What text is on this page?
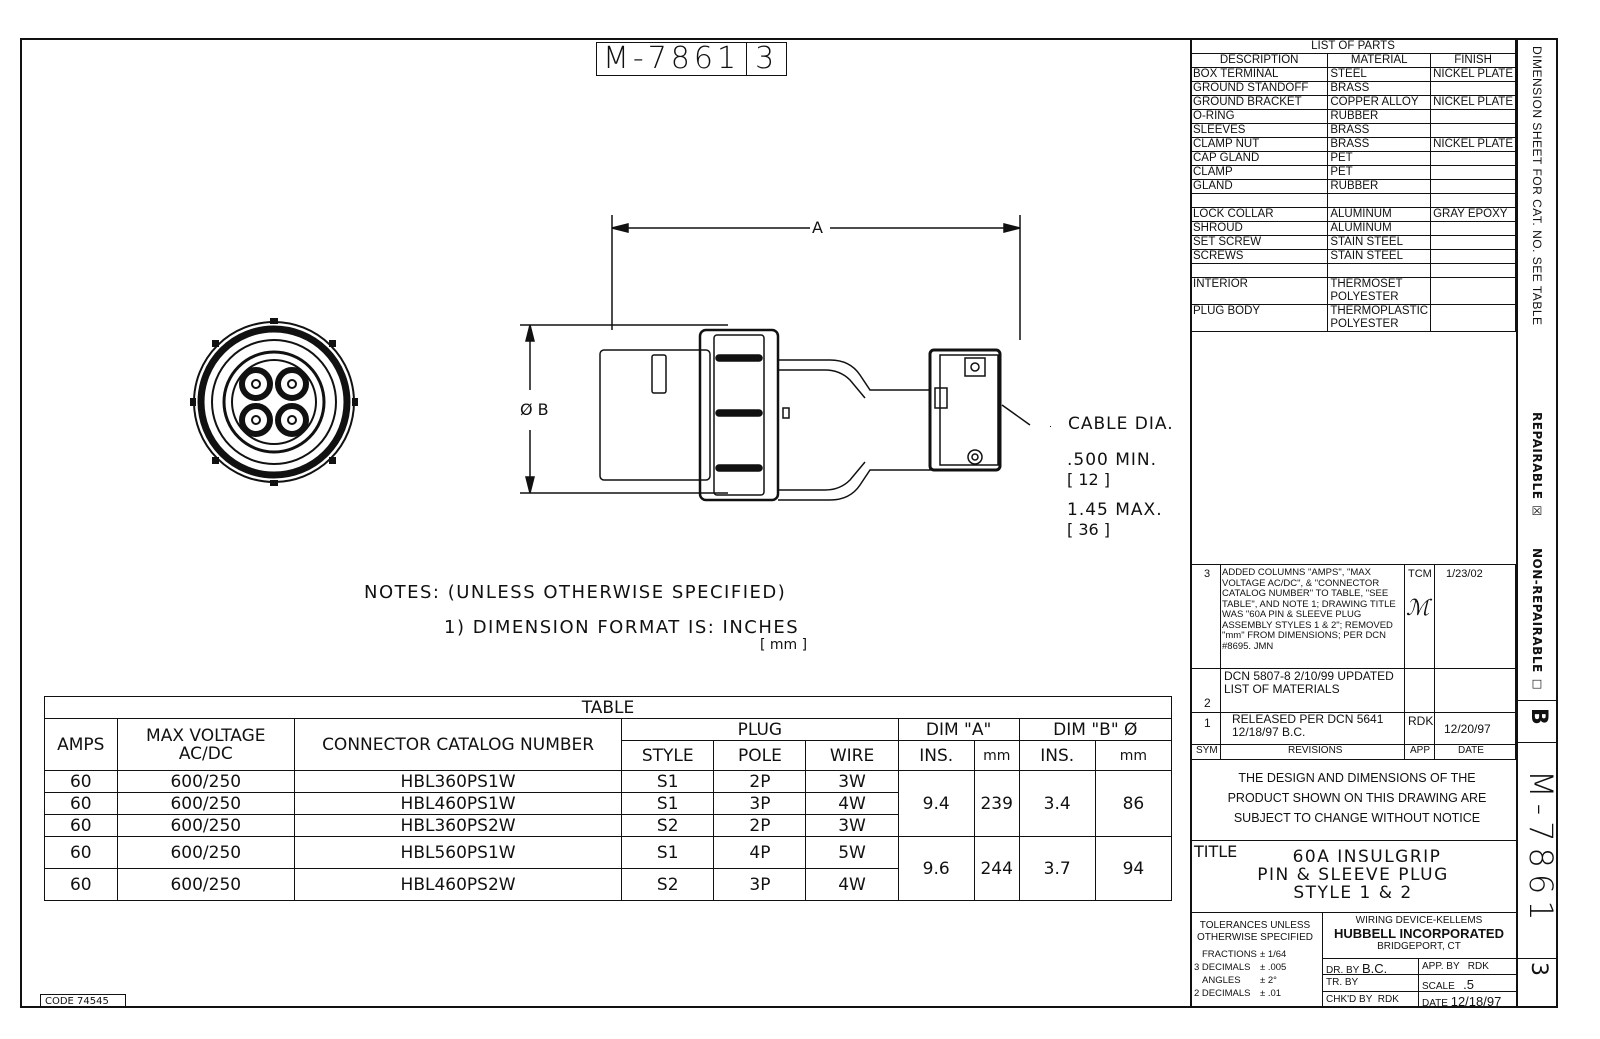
M-7861 3
A
Ø B
CABLE DIA.
.500 MIN.
[ 12 ]
1.45 MAX.
[ 36 ]
NOTES: (UNLESS OTHERWISE SPECIFIED)
1) DIMENSION FORMAT IS: INCHES
[ mm ]
TABLE									
AMPS	MAX VOLTAGE AC/DC	CONNECTOR CATALOG NUMBER	PLUG			DIM "A"		DIM "B" Ø	
			STYLE	POLE	WIRE	INS.	mm	INS.	mm
60	600/250	HBL360PS1W	S1	2P	3W	9.4	239	3.4	86
60	600/250	HBL460PS1W	S1	3P	4W				
60	600/250	HBL360PS2W	S2	2P	3W				
60	600/250	HBL560PS1W	S1	4P	5W	9.6	244	3.7	94
60	600/250	HBL460PS2W	S2	3P	4W				
CODE 74545
LIST OF PARTS		
DESCRIPTION	MATERIAL	FINISH
BOX TERMINAL	STEEL	NICKEL PLATE
GROUND STANDOFF	BRASS	
GROUND BRACKET	COPPER ALLOY	NICKEL PLATE
O-RING	RUBBER	
SLEEVES	BRASS	
CLAMP NUT	BRASS	NICKEL PLATE
CAP GLAND	PET	
CLAMP	PET	
GLAND	RUBBER	

LOCK COLLAR	ALUMINUM	GRAY EPOXY
SHROUD	ALUMINUM	
SET SCREW	STAIN STEEL	
SCREWS	STAIN STEEL	

INTERIOR	THERMOSET POLYESTER	
PLUG BODY	THERMOPLASTIC POLYESTER	
3	ADDED COLUMNS "AMPS", "MAX VOLTAGE AC/DC", & "CONNECTOR CATALOG NUMBER" TO TABLE, "SEE TABLE", AND NOTE 1; DRAWING TITLE WAS "60A PIN & SLEEVE PLUG ASSEMBLY STYLES 1 & 2"; REMOVED "mm" FROM DIMENSIONS; PER DCN #8695. JMN
TCM 1/23/02
ℳ
2
DCN 5807-8 2/10/99 UPDATED LIST OF MATERIALS
1 RELEASED PER DCN 5641 12/18/97 B.C.
RDK
12/20/97
SYM	REVISIONS	APP	DATE
THE DESIGN AND DIMENSIONS OF THE PRODUCT SHOWN ON THIS DRAWING ARE SUBJECT TO CHANGE WITHOUT NOTICE
TITLE	60A INSULGRIP
PIN & SLEEVE PLUG
STYLE 1 & 2
TOLERANCES UNLESS OTHERWISE SPECIFIED
FRACTIONS ± 1/64
3 DECIMALS ± .005
ANGLES ± 2°
2 DECIMALS ± .01
WIRING DEVICE-KELLEMS
HUBBELL INCORPORATED
BRIDGEPORT, CT
DR. BY B.C.	APP. BY RDK
TR. BY	SCALE .5
CHK'D BY RDK DATE 12/18/97
DIMENSION SHEET FOR CAT. NO. SEE TABLE
REPAIRABLE ☒
NON-REPAIRABLE ☐
B
M-7861
3
